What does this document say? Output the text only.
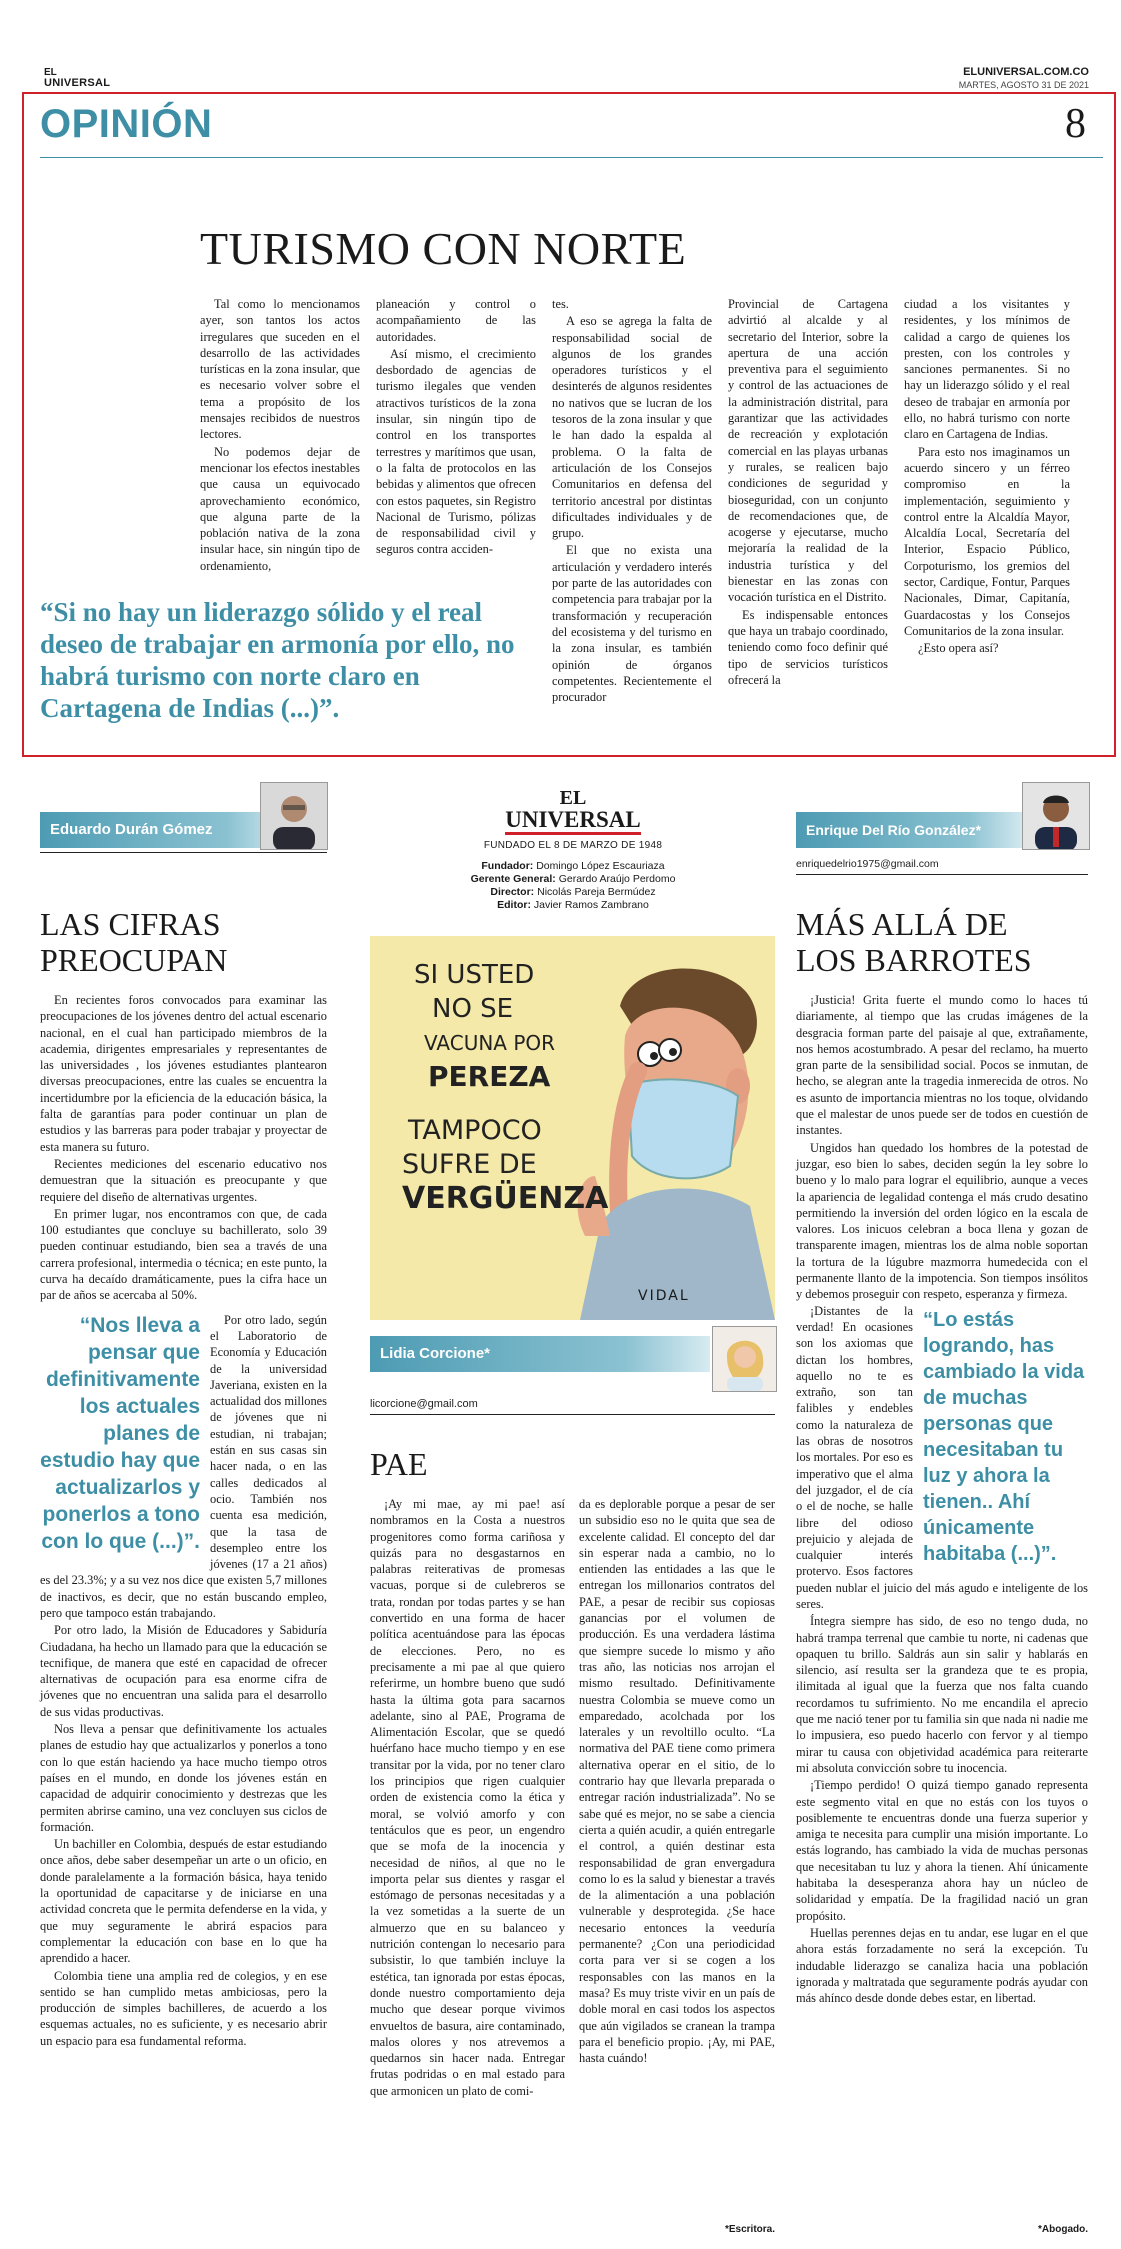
EL
UNIVERSAL
ELUNIVERSAL.COM.CO
MARTES, AGOSTO 31 DE 2021
OPINIÓN	8
TURISMO CON NORTE

Tal como lo mencionamos ayer, son tantos los actos irregulares que suceden en el desarrollo de las actividades turísticas en la zona insular, que es necesario volver sobre el tema a propósito de los mensajes recibidos de nuestros lectores.

No podemos dejar de mencionar los efectos inestables que causa un equivocado aprovechamiento económico, que alguna parte de la población nativa de la zona insular hace, sin ningún tipo de ordenamiento,

planeación y control o acompañamiento de las autoridades.

Así mismo, el crecimiento desbordado de agencias de turismo ilegales que venden atractivos turísticos de la zona insular, sin ningún tipo de control en los transportes terrestres y marítimos que usan, o la falta de protocolos en las bebidas y alimentos que ofrecen con estos paquetes, sin Registro Nacional de Turismo, pólizas de responsabilidad civil y seguros contra acciden-

tes.

A eso se agrega la falta de responsabilidad social de algunos de los grandes operadores turísticos y el desinterés de algunos residentes no nativos que se lucran de los tesoros de la zona insular y que le han dado la espalda al problema. O la falta de articulación de los Consejos Comunitarios en defensa del territorio ancestral por distintas dificultades individuales y de grupo.

El que no exista una articulación y verdadero interés por parte de las autoridades con competencia para trabajar por la transformación y recuperación del ecosistema y del turismo en la zona insular, es también opinión de órganos competentes. Recientemente el procurador

Provincial de Cartagena advirtió al alcalde y al secretario del Interior, sobre la apertura de una acción preventiva para el seguimiento y control de las actuaciones de la administración distrital, para garantizar que las actividades de recreación y explotación comercial en las playas urbanas y rurales, se realicen bajo condiciones de seguridad y bioseguridad, con un conjunto de recomendaciones que, de acogerse y ejecutarse, mucho mejoraría la realidad de la industria turística y del bienestar en las zonas con vocación turística en el Distrito.

Es indispensable entonces que haya un trabajo coordinado, teniendo como foco definir qué tipo de servicios turísticos ofrecerá la

ciudad a los visitantes y residentes, y los mínimos de calidad a cargo de quienes los presten, con los controles y sanciones permanentes. Si no hay un liderazgo sólido y el real deseo de trabajar en armonía por ello, no habrá turismo con norte claro en Cartagena de Indias.

Para esto nos imaginamos un acuerdo sincero y un férreo compromiso en la implementación, seguimiento y control entre la Alcaldía Mayor, Alcaldía Local, Secretaría del Interior, Espacio Público, Corpoturismo, los gremios del sector, Cardique, Fontur, Parques Nacionales, Dimar, Capitanía, Guardacostas y los Consejos Comunitarios de la zona insular.

¿Esto opera así?

“Si no hay un liderazgo sólido y el real deseo de trabajar en armonía por ello, no habrá turismo con norte claro en Cartagena de Indias (...)”.
Eduardo Durán Gómez
LAS CIFRAS
PREOCUPAN

En recientes foros convocados para examinar las preocupaciones de los jóvenes dentro del actual escenario nacional, en el cual han participado miembros de la academia, dirigentes empresariales y representantes de las universidades , los jóvenes estudiantes plantearon diversas preocupaciones, entre las cuales se encuentra la incertidumbre por la eficiencia de la educación básica, la falta de garantías para poder continuar un plan de estudios y las barreras para poder trabajar y proyectar de esta manera su futuro.

Recientes mediciones del escenario educativo nos demuestran que la situación es preocupante y que requiere del diseño de alternativas urgentes.

En primer lugar, nos encontramos con que, de cada 100 estudiantes que concluye su bachillerato, solo 39 pueden continuar estudiando, bien sea a través de una carrera profesional, intermedia o técnica; en este punto, la curva ha decaído dramáticamente, pues la cifra hace un par de años se acercaba al 50%.

“Nos lleva a pensar que definitivamente los actuales planes de estudio hay que actualizarlos y ponerlos a tono con lo que (...)”.

Por otro lado, según el Laboratorio de Economía y Educación de la universidad Javeriana, existen en la actualidad dos millones de jóvenes que ni estudian, ni trabajan; están en sus casas sin hacer nada, o en las calles dedicados al ocio. También nos cuenta esa medición, que la tasa de desempleo entre los jóvenes (17 a 21 años) es del 23.3%; y a su vez nos dice que existen 5,7 millones de inactivos, es decir, que no están buscando empleo, pero que tampoco están trabajando.

Por otro lado, la Misión de Educadores y Sabiduría Ciudadana, ha hecho un llamado para que la educación se tecnifique, de manera que esté en capacidad de ofrecer alternativas de ocupación para esa enorme cifra de jóvenes que no encuentran una salida para el desarrollo de sus vidas productivas.

Nos lleva a pensar que definitivamente los actuales planes de estudio hay que actualizarlos y ponerlos a tono con lo que están haciendo ya hace mucho tiempo otros países en el mundo, en donde los jóvenes están en capacidad de adquirir conocimiento y destrezas que les permiten abrirse camino, una vez concluyen sus ciclos de formación.

Un bachiller en Colombia, después de estar estudiando once años, debe saber desempeñar un arte o un oficio, en donde paralelamente a la formación básica, haya tenido la oportunidad de capacitarse y de iniciarse en una actividad concreta que le permita defenderse en la vida, y que muy seguramente le abrirá espacios para complementar la educación con base en lo que ha aprendido a hacer.

Colombia tiene una amplia red de colegios, y en ese sentido se han cumplido metas ambiciosas, pero la producción de simples bachilleres, de acuerdo a los esquemas actuales, no es suficiente, y es necesario abrir un espacio para esa fundamental reforma.

EL
UNIVERSAL
FUNDADO EL 8 DE MARZO DE 1948
Fundador: Domingo López Escauriaza
Gerente General: Gerardo Araújo Perdomo
Director: Nicolás Pareja Bermúdez
Editor: Javier Ramos Zambrano
SI USTED
NO SE
VACUNA POR
PEREZA
TAMPOCO
SUFRE DE
VERGÜENZA
VIDAL
Lidia Corcione*
licorcione@gmail.com
PAE

¡Ay mi mae, ay mi pae! así nombramos en la Costa a nuestros progenitores como forma cariñosa y quizás para no desgastarnos en palabras reiterativas de promesas vacuas, porque si de culebreros se trata, rondan por todas partes y se han convertido en una forma de hacer política acentuándose para las épocas de elecciones. Pero, no es precisamente a mi pae al que quiero referirme, un hombre bueno que sudó hasta la última gota para sacarnos adelante, sino al PAE, Programa de Alimentación Escolar, que se quedó huérfano hace mucho tiempo y en ese transitar por la vida, por no tener claro los principios que rigen cualquier orden de existencia como la ética y moral, se volvió amorfo y con tentáculos que es peor, un engendro que se mofa de la inocencia y necesidad de niños, al que no le importa pelar sus dientes y rasgar el estómago de personas necesitadas y a la vez sometidas a la suerte de un almuerzo que en su balanceo y nutrición contengan lo necesario para subsistir, lo que también incluye la estética, tan ignorada por estas épocas, donde nuestro comportamiento deja mucho que desear porque vivimos envueltos de basura, aire contaminado, malos olores y nos atrevemos a quedarnos sin hacer nada. Entregar frutas podridas o en mal estado para que armonicen un plato de comi-

da es deplorable porque a pesar de ser un subsidio eso no le quita que sea de excelente calidad. El concepto del dar sin esperar nada a cambio, no lo entienden las entidades a las que le entregan los millonarios contratos del PAE, a pesar de recibir sus copiosas ganancias por el volumen de producción. Es una verdadera lástima que siempre sucede lo mismo y año tras año, las noticias nos arrojan el mismo resultado. Definitivamente nuestra Colombia se mueve como un emparedado, acolchada por los laterales y un revoltillo oculto. “La normativa del PAE tiene como primera alternativa operar en el sitio, de lo contrario hay que llevarla preparada o entregar ración industrializada”. No se sabe qué es mejor, no se sabe a ciencia cierta a quién acudir, a quién entregarle el control, a quién destinar esta responsabilidad de gran envergadura como lo es la salud y bienestar a través de la alimentación a una población vulnerable y desprotegida. ¿Se hace necesario entonces la veeduría permanente? ¿Con una periodicidad corta para ver si se cogen a los responsables con las manos en la masa? Es muy triste vivir en un país de doble moral en casi todos los aspectos que aún vigilados se cranean la trampa para el beneficio propio. ¡Ay, mi PAE, hasta cuándo!

*Escritora.
Enrique Del Río González*
enriquedelrio1975@gmail.com
MÁS ALLÁ DE
LOS BARROTES

¡Justicia! Grita fuerte el mundo como lo haces tú diariamente, al tiempo que las crudas imágenes de la desgracia forman parte del paisaje al que, extrañamente, nos hemos acostumbrado. A pesar del reclamo, ha muerto gran parte de la sensibilidad social. Pocos se inmutan, de hecho, se alegran ante la tragedia inmerecida de otros. No es asunto de importancia mientras no los toque, olvidando que el malestar de unos puede ser de todos en cuestión de instantes.

Ungidos han quedado los hombres de la potestad de juzgar, eso bien lo sabes, deciden según la ley sobre lo bueno y lo malo para lograr el equilibrio, aunque a veces la apariencia de legalidad contenga el más crudo desatino permitiendo la inversión del orden lógico en la escala de valores. Los inicuos celebran a boca llena y gozan de transparente imagen, mientras los de alma noble soportan la tortura de la lúgubre mazmorra humedecida con el permanente llanto de la impotencia. Son tiempos insólitos y debemos proseguir con respeto, esperanza y firmeza.

“Lo estás logrando, has cambiado la vida de muchas personas que necesitaban tu luz y ahora la tienen.. Ahí únicamente habitaba (...)”.

¡Distantes de la verdad! En ocasiones son los axiomas que dictan los hombres, aquello no te es extraño, son tan falibles y endebles como la naturaleza de las obras de nosotros los mortales. Por eso es imperativo que el alma del juzgador, el de cía o el de noche, se halle libre del odioso prejuicio y alejada de cualquier interés protervo. Esos factores pueden nublar el juicio del más agudo e inteligente de los seres.

Íntegra siempre has sido, de eso no tengo duda, no habrá trampa terrenal que cambie tu norte, ni cadenas que opaquen tu brillo. Saldrás aun sin salir y hablarás en silencio, así resulta ser la grandeza que te es propia, ilimitada al igual que la fuerza que nos falta cuando recordamos tu sufrimiento. No me encandila el aprecio que me nació tener por tu familia sin que nada ni nadie me lo impusiera, eso puedo hacerlo con fervor y al tiempo mirar tu causa con objetividad académica para reiterarte mi absoluta convicción sobre tu inocencia.

¡Tiempo perdido! O quizá tiempo ganado representa este segmento vital en que no estás con los tuyos o posiblemente te encuentras donde una fuerza superior y amiga te necesita para cumplir una misión importante. Lo estás logrando, has cambiado la vida de muchas personas que necesitaban tu luz y ahora la tienen. Ahí únicamente habitaba la desesperanza ahora hay un núcleo de solidaridad y empatía. De la fragilidad nació un gran propósito.

Huellas perennes dejas en tu andar, ese lugar en el que ahora estás forzadamente no será la excepción. Tu indudable liderazgo se canaliza hacia una población ignorada y maltratada que seguramente podrás ayudar con más ahínco desde donde debes estar, en libertad.

*Abogado.
